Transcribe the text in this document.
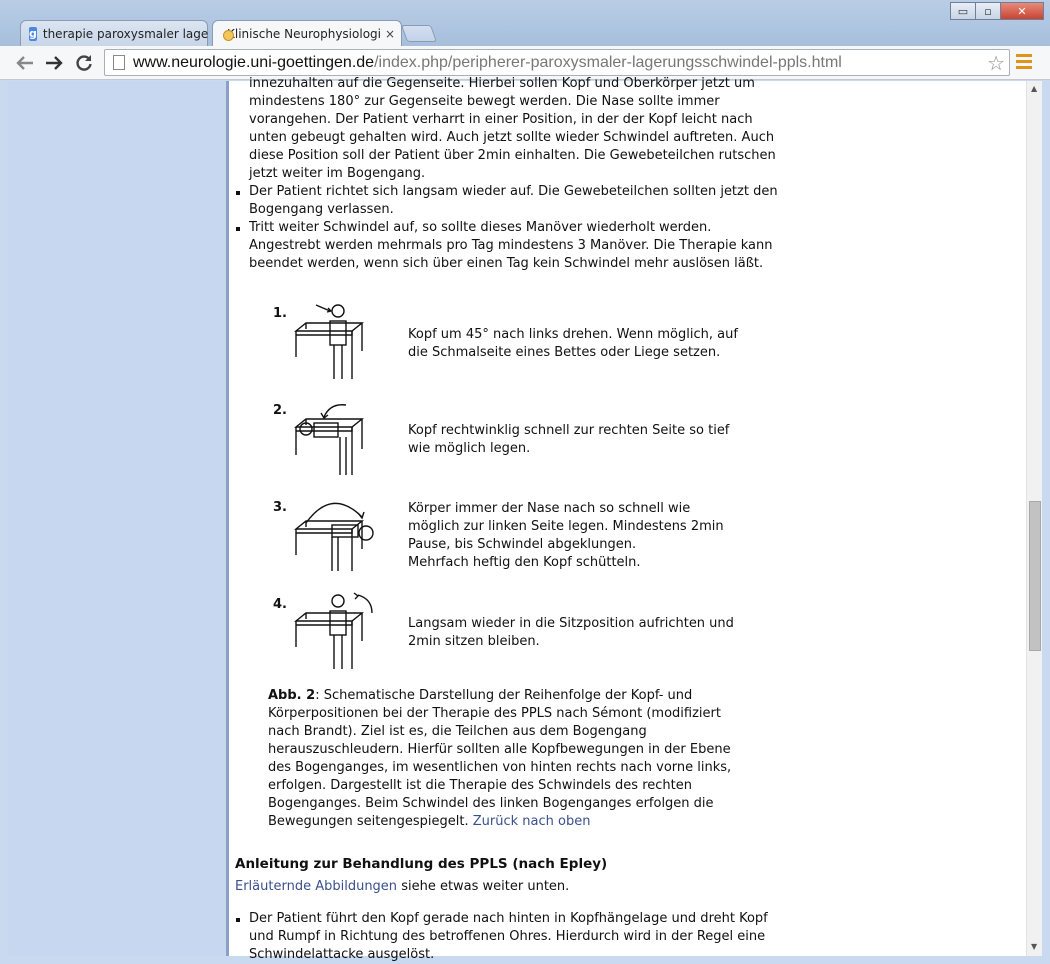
g therapie paroxysmaler lage Klinische Neurophysiologi ×
▭	▫	✕
www.neurologie.uni-goettingen.de /index.php/peripherer-paroxysmaler-lagerungsschwindel-ppls.html	☆
innezuhalten auf die Gegenseite. Hierbei sollen Kopf und Oberkörper jetzt um
mindestens 180° zur Gegenseite bewegt werden. Die Nase sollte immer
vorangehen. Der Patient verharrt in einer Position, in der der Kopf leicht nach
unten gebeugt gehalten wird. Auch jetzt sollte wieder Schwindel auftreten. Auch
diese Position soll der Patient über 2min einhalten. Die Gewebeteilchen rutschen
jetzt weiter im Bogengang.
Der Patient richtet sich langsam wieder auf. Die Gewebeteilchen sollten jetzt den
Bogengang verlassen.
Tritt weiter Schwindel auf, so sollte dieses Manöver wiederholt werden.
Angestrebt werden mehrmals pro Tag mindestens 3 Manöver. Die Therapie kann
beendet werden, wenn sich über einen Tag kein Schwindel mehr auslösen läßt.
1.
Kopf um 45° nach links drehen. Wenn möglich, auf
die Schmalseite eines Bettes oder Liege setzen.
2.
Kopf rechtwinklig schnell zur rechten Seite so tief
wie möglich legen.
3.	Körper immer der Nase nach so schnell wie
möglich zur linken Seite legen. Mindestens 2min
Pause, bis Schwindel abgeklungen.
Mehrfach heftig den Kopf schütteln.
4.
Langsam wieder in die Sitzposition aufrichten und
2min sitzen bleiben.
Abb. 2: Schematische Darstellung der Reihenfolge der Kopf- und
Körperpositionen bei der Therapie des PPLS nach Sémont (modifiziert
nach Brandt). Ziel ist es, die Teilchen aus dem Bogengang
herauszuschleudern. Hierfür sollten alle Kopfbewegungen in der Ebene
des Bogenganges, im wesentlichen von hinten rechts nach vorne links,
erfolgen. Dargestellt ist die Therapie des Schwindels des rechten
Bogenganges. Beim Schwindel des linken Bogenganges erfolgen die
Bewegungen seitengespiegelt. Zurück nach oben
Anleitung zur Behandlung des PPLS (nach Epley)
Erläuternde Abbildungen siehe etwas weiter unten.
Der Patient führt den Kopf gerade nach hinten in Kopfhängelage und dreht Kopf
und Rumpf in Richtung des betroffenen Ohres. Hierdurch wird in der Regel eine
Schwindelattacke ausgelöst.
▲
▼
